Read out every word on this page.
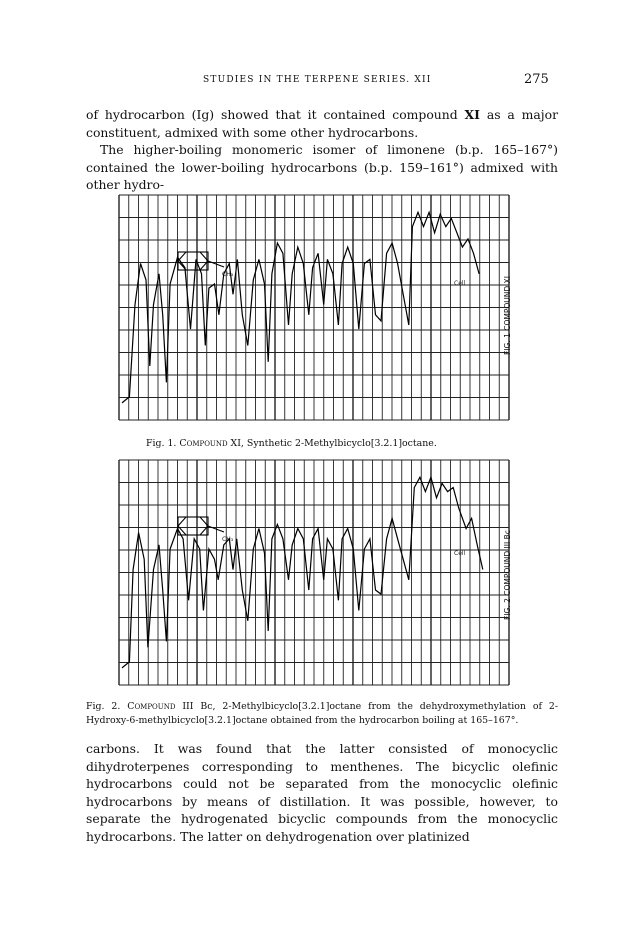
STUDIES IN THE TERPENE SERIES. XII	275

of hydrocarbon (Ig) showed that it contained compound XI as a major constituent, admixed with some other hydrocarbons.
The higher-boiling monomeric isomer of limonene (b.p. 165–167°) contained the lower-boiling hydrocarbons (b.p. 159–161°) admixed with other hydro-

CH₃
Cell	FIG. 1 COMPOUND XI
Fig. 1. Compound XI, Synthetic 2-Methylbicyclo[3.2.1]octane.
CH₃
Cell	FIG. 2 COMPOUND III Bc
Fig. 2. Compound III Bc, 2-Methylbicyclo[3.2.1]octane from the dehydroxymethylation of 2-Hydroxy-6-methylbicyclo[3.2.1]octane obtained from the hydrocarbon boiling at 165–167°.

carbons. It was found that the latter consisted of monocyclic dihydroterpenes corresponding to menthenes. The bicyclic olefinic hydrocarbons could not be separated from the monocyclic olefinic hydrocarbons by means of distillation. It was possible, however, to separate the hydrogenated bicyclic compounds from the monocyclic hydrocarbons. The latter on dehydrogenation over platinized
